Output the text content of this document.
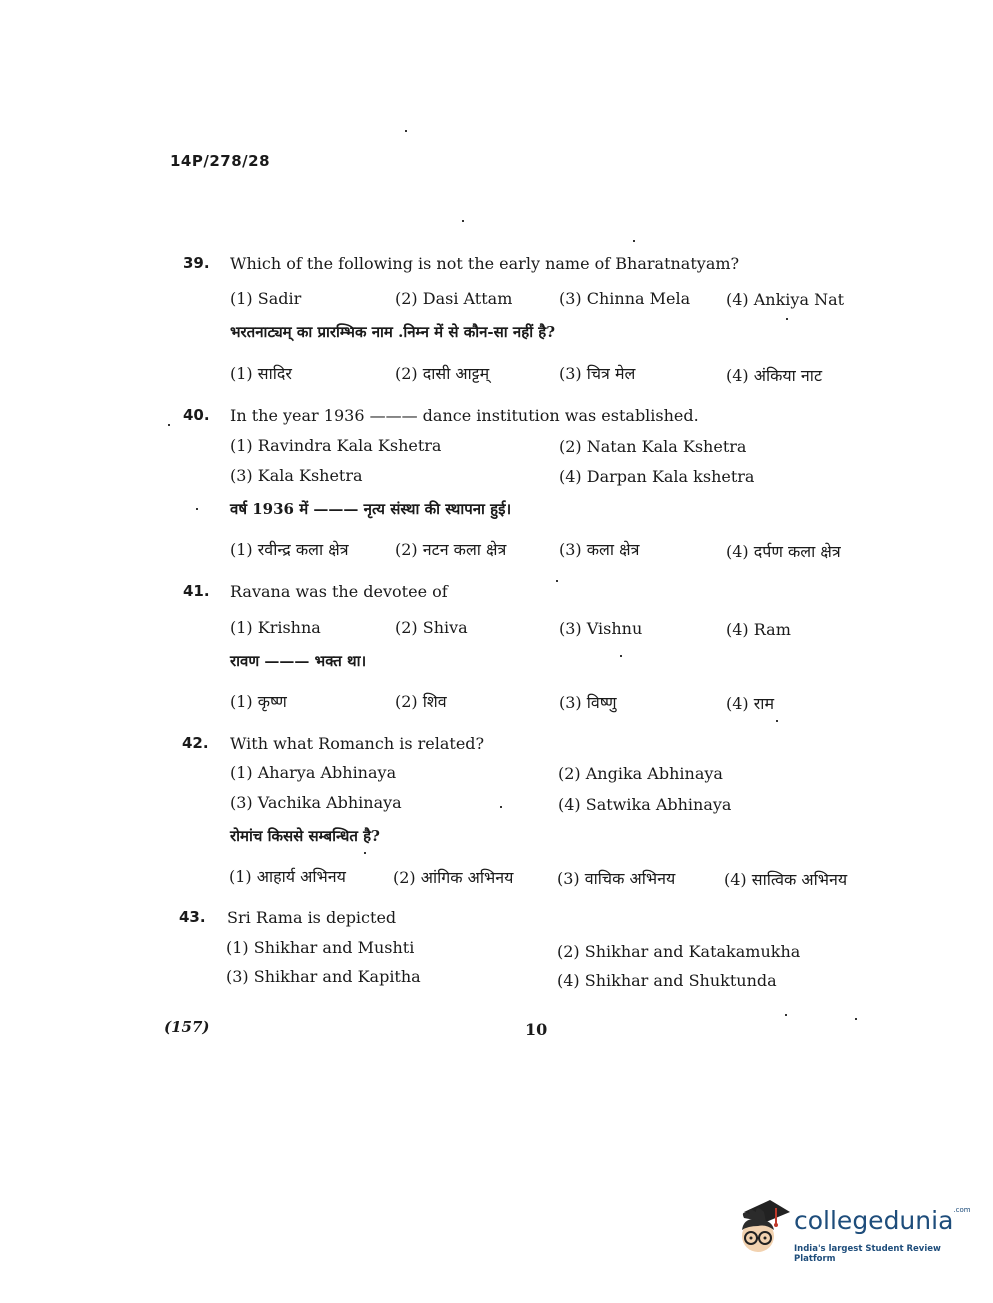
14P/278/28
39. Which of the following is not the early name of Bharatnatyam?
(1) Sadir	(2) Dasi Attam	(3) Chinna Mela (4) Ankiya Nat
भरतनाट्यम् का प्रारम्भिक नाम .निम्न में से कौन-सा नहीं है?
(1) सादिर	(2) दासी आट्टम्	(3) चित्र मेल	(4) अंकिया नाट
40. In the year 1936 ——— dance institution was established.
(1) Ravindra Kala Kshetra	(2) Natan Kala Kshetra
(3) Kala Kshetra	(4) Darpan Kala kshetra
वर्ष 1936 में ——— नृत्य संस्था की स्थापना हुई।
(1) रवीन्द्र कला क्षेत्र	(2) नटन कला क्षेत्र	(3) कला क्षेत्र	(4) दर्पण कला क्षेत्र
41. Ravana was the devotee of
(1) Krishna	(2) Shiva	(3) Vishnu	(4) Ram
रावण ——— भक्त था।
(1) कृष्ण	(2) शिव	(3) विष्णु	(4) राम
42. With what Romanch is related?
(1) Aharya Abhinaya	(2) Angika Abhinaya
(3) Vachika Abhinaya	(4) Satwika Abhinaya
रोमांच किससे सम्बन्धित है?
(1) आहार्य अभिनय	(2) आंगिक अभिनय	(3) वाचिक अभिनय	(4) सात्विक अभिनय
43. Sri Rama is depicted
(1) Shikhar and Mushti	(2) Shikhar and Katakamukha
(3) Shikhar and Kapitha	(4) Shikhar and Shuktunda
(157)	10
collegedunia$^{.com}$
India's largest Student Review Platform
